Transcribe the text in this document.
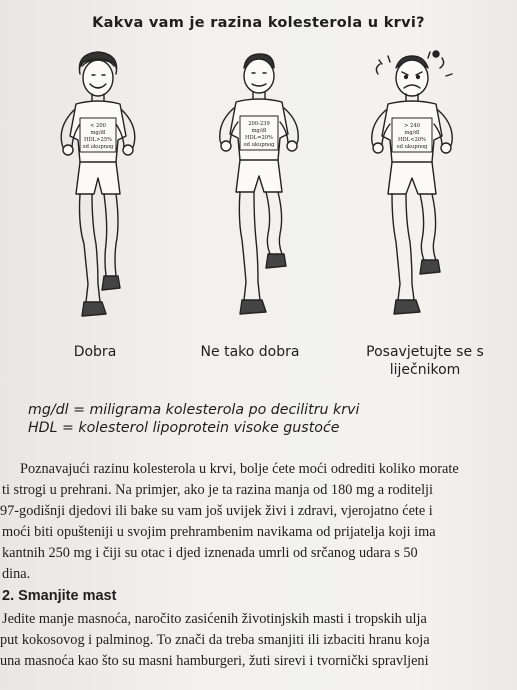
Kakva vam je razina kolesterola u krvi?
< 200
mg/dl
HDL>25%
od ukupnog
200-239
mg/dl
HDL=20%
od ukupnog
> 240
mg/dl
HDL<20%
od ukupnog
Dobra	Ne tako dobra	Posavjetujte se s
liječnikom
mg/dl = miligrama kolesterola po decilitru krvi
HDL = kolesterol lipoprotein visoke gustoće
Poznavajući razinu kolesterola u krvi, bolje ćete moći odrediti koliko morate
ti strogi u prehrani. Na primjer, ako je ta razina manja od 180 mg a roditelji
97-godišnji djedovi ili bake su vam još uvijek živi i zdravi, vjerojatno ćete i
moći biti opušteniji u svojim prehrambenim navikama od prijatelja koji ima
kantnih 250 mg i čiji su otac i djed iznenada umrli od srčanog udara s 50
dina.
2. Smanjite mast
Jedite manje masnoća, naročito zasićenih životinjskih masti i tropskih ulja
put kokosovog i palminog. To znači da treba smanjiti ili izbaciti hranu koja
una masnoća kao što su masni hamburgeri, žuti sirevi i tvornički spravljeni
